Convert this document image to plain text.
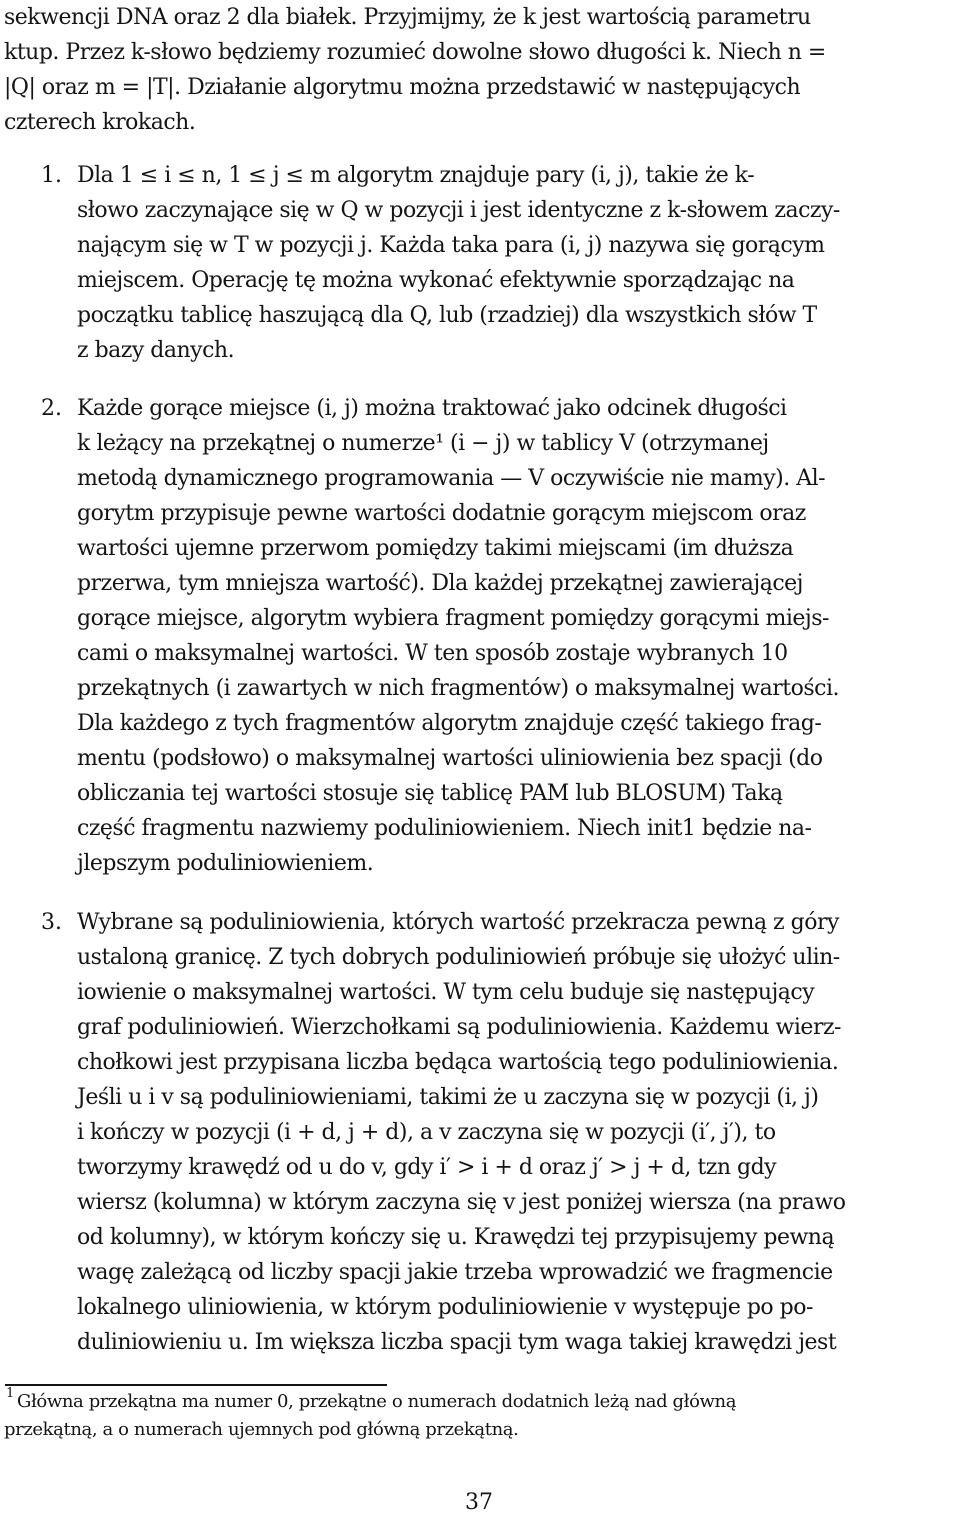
sekwencji DNA oraz 2 dla białek. Przyjmijmy, że k jest wartością parametru
ktup. Przez k-słowo będziemy rozumieć dowolne słowo długości k. Niech n =
|Q| oraz m = |T|. Działanie algorytmu można przedstawić w następujących
czterech krokach.
1. Dla 1 ≤ i ≤ n, 1 ≤ j ≤ m algorytm znajduje pary (i, j), takie że k-
słowo zaczynające się w Q w pozycji i jest identyczne z k-słowem zaczy-
nającym się w T w pozycji j. Każda taka para (i, j) nazywa się gorącym
miejscem. Operację tę można wykonać efektywnie sporządzając na
początku tablicę haszującą dla Q, lub (rzadziej) dla wszystkich słów T
z bazy danych.
2. Każde gorące miejsce (i, j) można traktować jako odcinek długości
k leżący na przekątnej o numerze¹ (i − j) w tablicy V (otrzymanej
metodą dynamicznego programowania — V oczywiście nie mamy). Al-
gorytm przypisuje pewne wartości dodatnie gorącym miejscom oraz
wartości ujemne przerwom pomiędzy takimi miejscami (im dłuższa
przerwa, tym mniejsza wartość). Dla każdej przekątnej zawierającej
gorące miejsce, algorytm wybiera fragment pomiędzy gorącymi miejs-
cami o maksymalnej wartości. W ten sposób zostaje wybranych 10
przekątnych (i zawartych w nich fragmentów) o maksymalnej wartości.
Dla każdego z tych fragmentów algorytm znajduje część takiego frag-
mentu (podsłowo) o maksymalnej wartości uliniowienia bez spacji (do
obliczania tej wartości stosuje się tablicę PAM lub BLOSUM) Taką
część fragmentu nazwiemy poduliniowieniem. Niech init1 będzie na-
jlepszym poduliniowieniem.
3. Wybrane są poduliniowienia, których wartość przekracza pewną z góry
ustaloną granicę. Z tych dobrych poduliniowień próbuje się ułożyć ulin-
iowienie o maksymalnej wartości. W tym celu buduje się następujący
graf poduliniowień. Wierzchołkami są poduliniowienia. Każdemu wierz-
chołkowi jest przypisana liczba będąca wartością tego poduliniowienia.
Jeśli u i v są poduliniowieniami, takimi że u zaczyna się w pozycji (i, j)
i kończy w pozycji (i + d, j + d), a v zaczyna się w pozycji (i′, j′), to
tworzymy krawędź od u do v, gdy i′ > i + d oraz j′ > j + d, tzn gdy
wiersz (kolumna) w którym zaczyna się v jest poniżej wiersza (na prawo
od kolumny), w którym kończy się u. Krawędzi tej przypisujemy pewną
wagę zależącą od liczby spacji jakie trzeba wprowadzić we fragmencie
lokalnego uliniowienia, w którym poduliniowienie v występuje po po-
duliniowieniu u. Im większa liczba spacji tym waga takiej krawędzi jest
1 Główna przekątna ma numer 0, przekątne o numerach dodatnich leżą nad główną
przekątną, a o numerach ujemnych pod główną przekątną.
37
